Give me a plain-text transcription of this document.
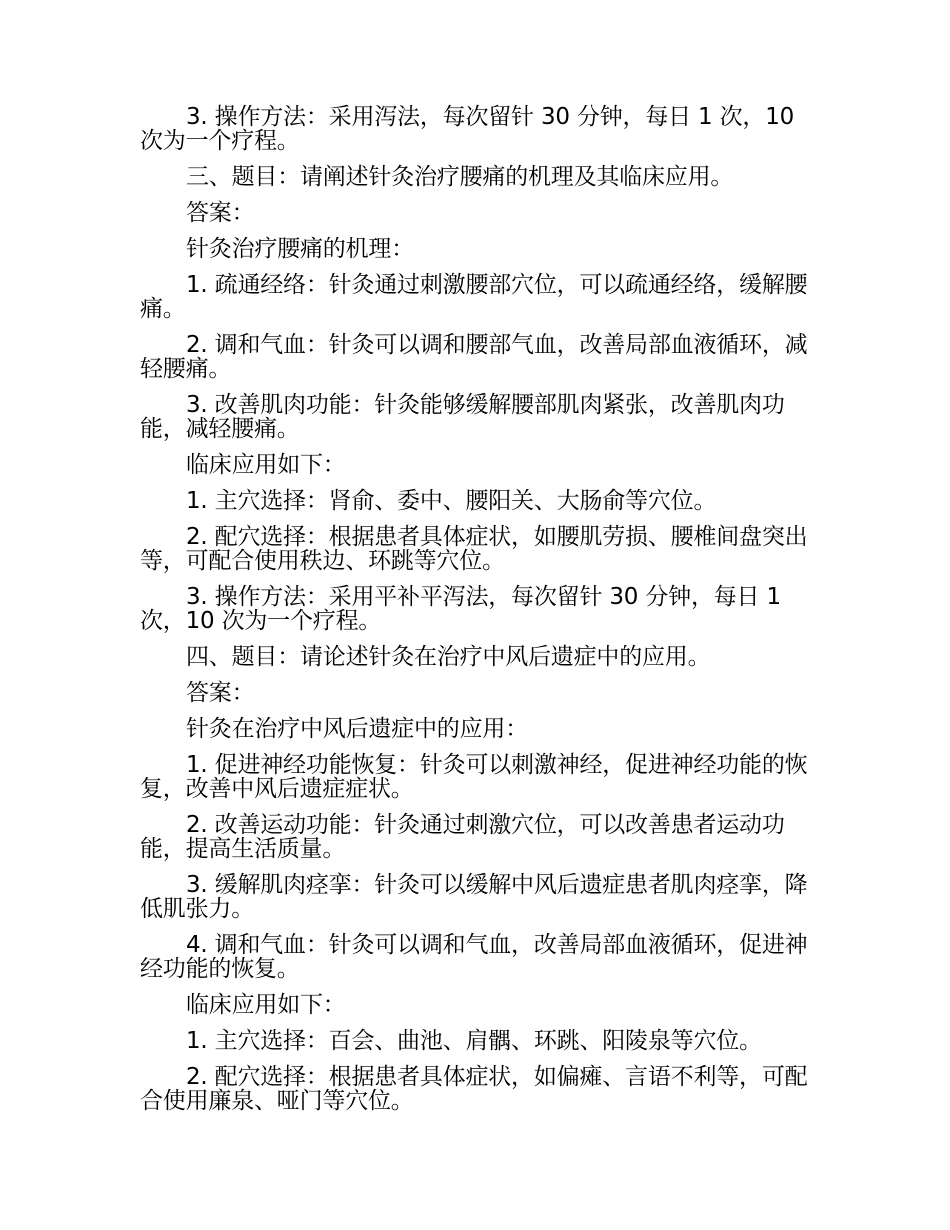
3. 操作方法：采用泻法，每次留针 30 分钟，每日 1 次，10 次为一个疗程。

三、题目：请阐述针灸治疗腰痛的机理及其临床应用。

答案：

针灸治疗腰痛的机理：

1. 疏通经络：针灸通过刺激腰部穴位，可以疏通经络，缓解腰痛。

2. 调和气血：针灸可以调和腰部气血，改善局部血液循环，减轻腰痛。

3. 改善肌肉功能：针灸能够缓解腰部肌肉紧张，改善肌肉功能，减轻腰痛。

临床应用如下：

1. 主穴选择：肾俞、委中、腰阳关、大肠俞等穴位。

2. 配穴选择：根据患者具体症状，如腰肌劳损、腰椎间盘突出等，可配合使用秩边、环跳等穴位。

3. 操作方法：采用平补平泻法，每次留针 30 分钟，每日 1 次，10 次为一个疗程。

四、题目：请论述针灸在治疗中风后遗症中的应用。

答案：

针灸在治疗中风后遗症中的应用：

1. 促进神经功能恢复：针灸可以刺激神经，促进神经功能的恢复，改善中风后遗症症状。

2. 改善运动功能：针灸通过刺激穴位，可以改善患者运动功能，提高生活质量。

3. 缓解肌肉痉挛：针灸可以缓解中风后遗症患者肌肉痉挛，降低肌张力。

4. 调和气血：针灸可以调和气血，改善局部血液循环，促进神经功能的恢复。

临床应用如下：

1. 主穴选择：百会、曲池、肩髃、环跳、阳陵泉等穴位。

2. 配穴选择：根据患者具体症状，如偏瘫、言语不利等，可配合使用廉泉、哑门等穴位。
